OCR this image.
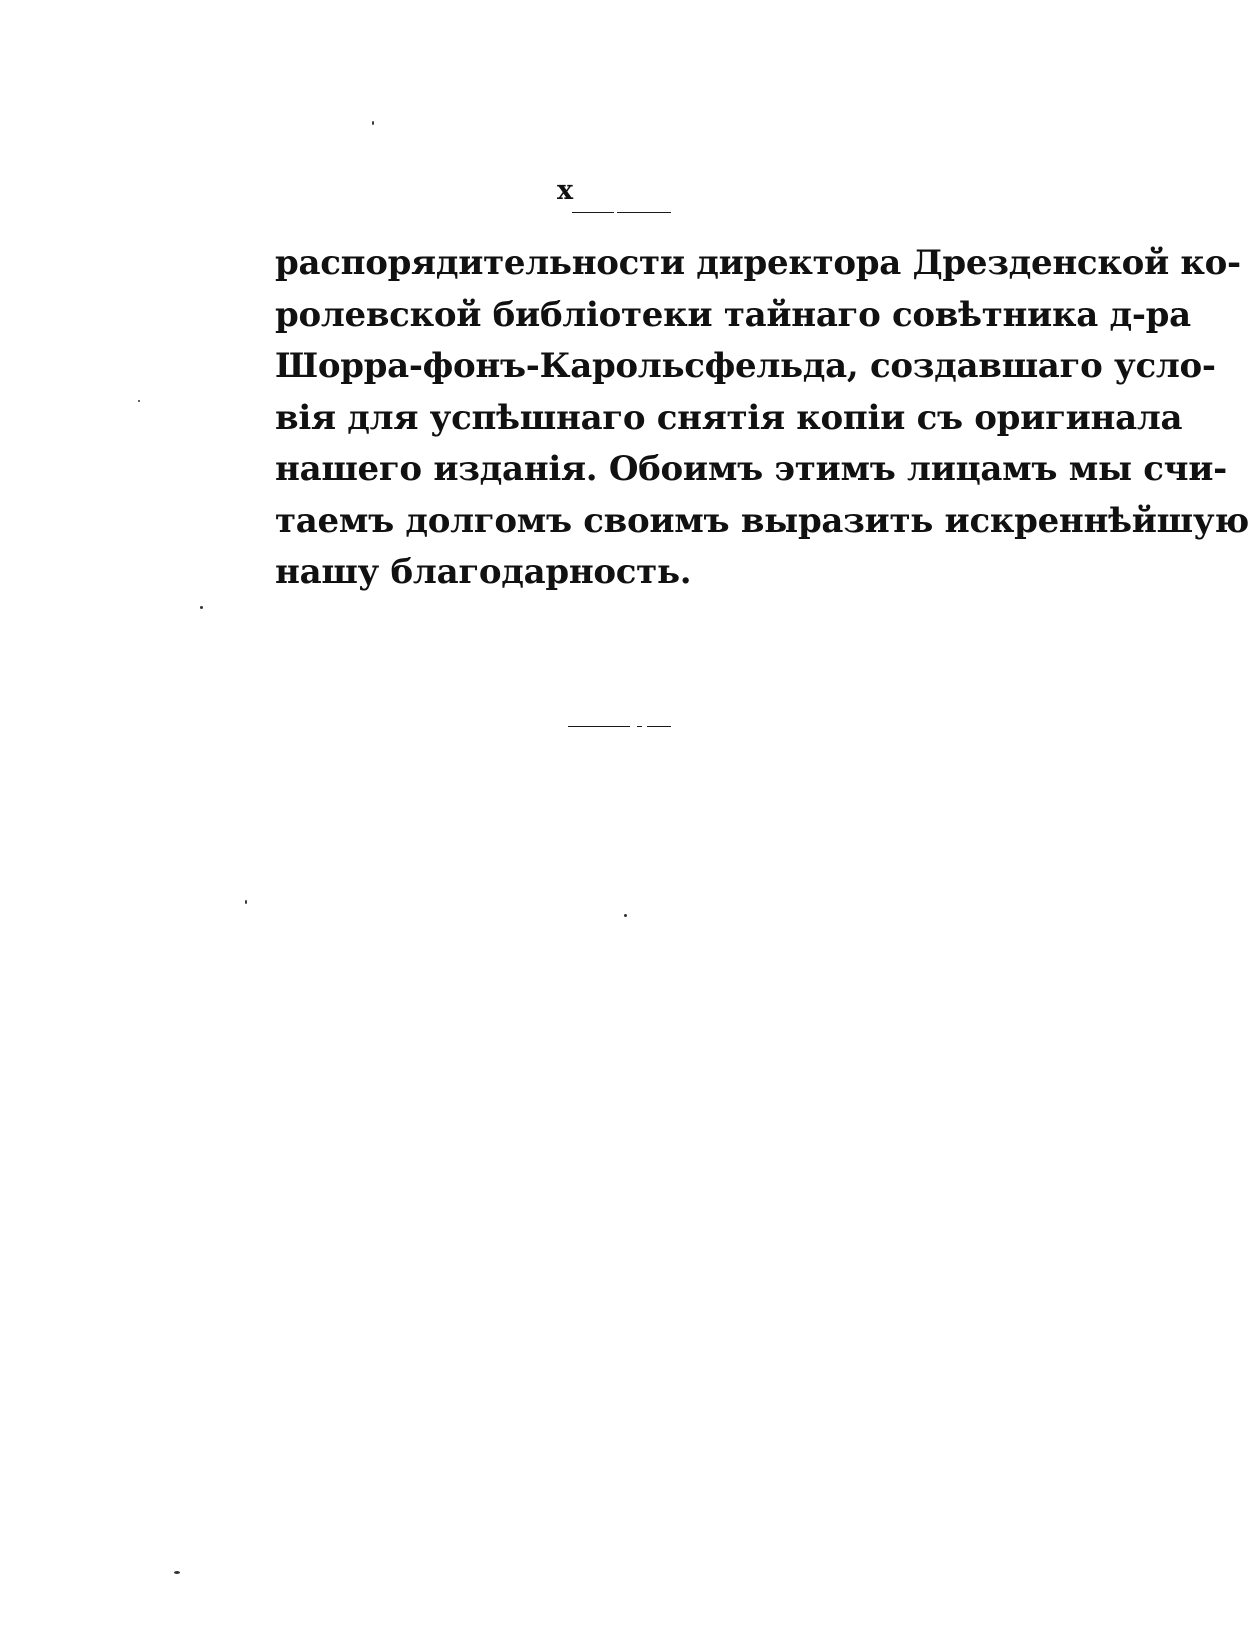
x
распорядительности директора Дрезденской ко-
ролевской библіотеки тайнаго совѣтника д-ра
Шорра-фонъ-Карольсфельда, создавшаго усло-
вія для успѣшнаго снятія копіи съ оригинала
нашего изданія. Обоимъ этимъ лицамъ мы счи-
таемъ долгомъ своимъ выразить искреннѣйшую
нашу благодарность.
